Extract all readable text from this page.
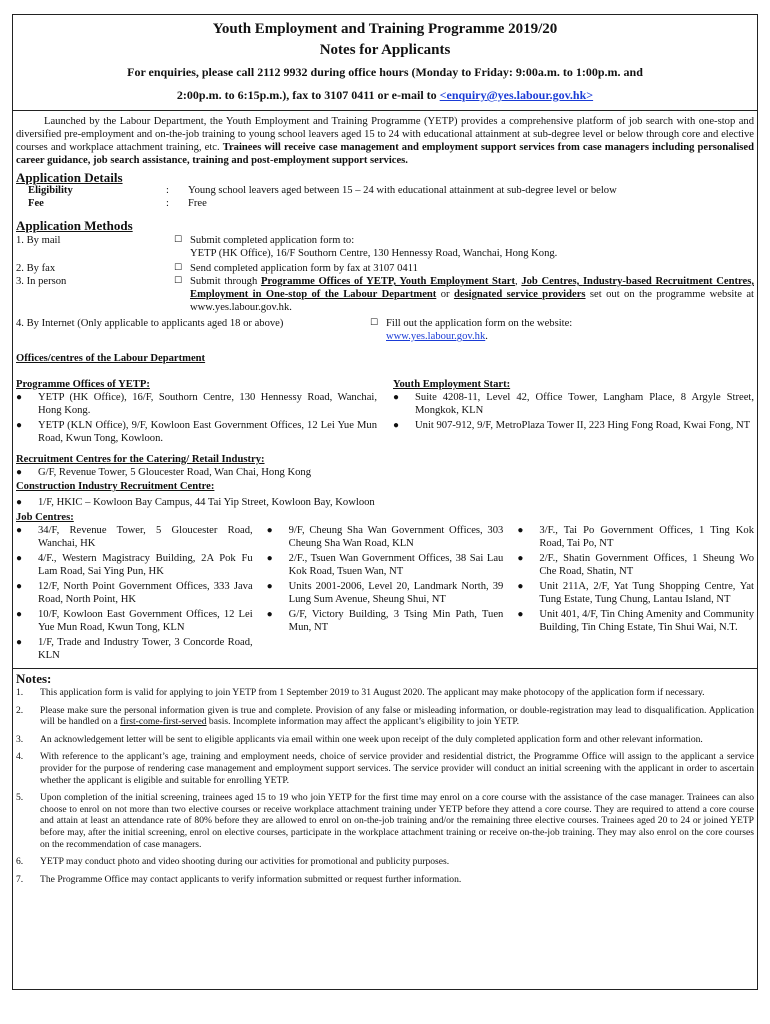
Youth Employment and Training Programme 2019/20
Notes for Applicants
For enquiries, please call 2112 9932 during office hours (Monday to Friday: 9:00a.m. to 1:00p.m. and
2:00p.m. to 6:15p.m.), fax to 3107 0411 or e-mail to <enquiry@yes.labour.gov.hk>

Launched by the Labour Department, the Youth Employment and Training Programme (YETP) provides a comprehensive platform of job search with one-stop and diversified pre-employment and on-the-job training to young school leavers aged 15 to 24 with educational attainment at sub-degree level or below through core and elective courses and workplace attachment training, etc. Trainees will receive case management and employment support services from case managers including personalised career guidance, job search assistance, training and post-employment support services.

Application Details
Eligibility	:	Young school leavers aged between 15 – 24 with educational attainment at sub-degree level or below
Fee	:	Free
Application Methods
1. By mail	☐ Submit completed application form to:
YETP (HK Office), 16/F Southorn Centre, 130 Hennessy Road, Wanchai, Hong Kong.
2. By fax	☐ Send completed application form by fax at 3107 0411
3. In person	☐ Submit through Programme Offices of YETP, Youth Employment Start, Job Centres, Industry-based Recruitment Centres, Employment in One-stop of the Labour Department or designated service providers set out on the programme website at www.yes.labour.gov.hk.
4. By Internet (Only applicable to applicants aged 18 or above)	☐ Fill out the application form on the website:
www.yes.labour.gov.hk.
Offices/centres of the Labour Department
Programme Offices of YETP:
●	YETP (HK Office), 16/F, Southorn Centre, 130 Hennessy Road, Wanchai, Hong Kong.
●	YETP (KLN Office), 9/F, Kowloon East Government Offices, 12 Lei Yue Mun Road, Kwun Tong, Kowloon.
Youth Employment Start:
●	Suite 4208-11, Level 42, Office Tower, Langham Place, 8 Argyle Street, Mongkok, KLN
●	Unit 907-912, 9/F, MetroPlaza Tower II, 223 Hing Fong Road, Kwai Fong, NT
Recruitment Centres for the Catering/ Retail Industry:
●	G/F, Revenue Tower, 5 Gloucester Road, Wan Chai, Hong Kong
Construction Industry Recruitment Centre:
●	1/F, HKIC – Kowloon Bay Campus, 44 Tai Yip Street, Kowloon Bay, Kowloon
Job Centres:
●	34/F, Revenue Tower, 5 Gloucester Road, Wanchai, HK
●	4/F., Western Magistracy Building, 2A Pok Fu Lam Road, Sai Ying Pun, HK
●	12/F, North Point Government Offices, 333 Java Road, North Point, HK
●	10/F, Kowloon East Government Offices, 12 Lei Yue Mun Road, Kwun Tong, KLN
●	1/F, Trade and Industry Tower, 3 Concorde Road, KLN
●	9/F, Cheung Sha Wan Government Offices, 303 Cheung Sha Wan Road, KLN
●	2/F., Tsuen Wan Government Offices, 38 Sai Lau Kok Road, Tsuen Wan, NT
●	Units 2001-2006, Level 20, Landmark North, 39 Lung Sum Avenue, Sheung Shui, NT
●	G/F, Victory Building, 3 Tsing Min Path, Tuen Mun, NT
●	3/F., Tai Po Government Offices, 1 Ting Kok Road, Tai Po, NT
●	2/F., Shatin Government Offices, 1 Sheung Wo Che Road, Shatin, NT
●	Unit 211A, 2/F, Yat Tung Shopping Centre, Yat Tung Estate, Tung Chung, Lantau Island, NT
●	Unit 401, 4/F, Tin Ching Amenity and Community Building, Tin Ching Estate, Tin Shui Wai, N.T.
Notes:
1.	This application form is valid for applying to join YETP from 1 September 2019 to 31 August 2020. The applicant may make photocopy of the application form if necessary.
2.	Please make sure the personal information given is true and complete. Provision of any false or misleading information, or double-registration may lead to disqualification. Application will be handled on a first-come-first-served basis. Incomplete information may affect the applicant’s eligibility to join YETP.
3.	An acknowledgement letter will be sent to eligible applicants via email within one week upon receipt of the duly completed application form and other relevant information.
4.	With reference to the applicant’s age, training and employment needs, choice of service provider and residential district, the Programme Office will assign to the applicant a service provider for the purpose of rendering case management and employment support services. The service provider will conduct an initial screening with the applicant in order to ascertain whether the applicant is eligible and suitable for enrolling YETP.
5.	Upon completion of the initial screening, trainees aged 15 to 19 who join YETP for the first time may enrol on a core course with the assistance of the case manager. Trainees can also choose to enrol on not more than two elective courses or receive workplace attachment training under YETP before they attend a core course. They are required to attend a core course and attain at least an attendance rate of 80% before they are allowed to enrol on on-the-job training and/or the remaining three elective courses. Trainees aged 20 to 24 or joined YETP before may, after the initial screening, enrol on elective courses, participate in the workplace attachment training or receive on-the-job training. They may also enrol on the core courses on the recommendation of case managers.
6.	YETP may conduct photo and video shooting during our activities for promotional and publicity purposes.
7.	The Programme Office may contact applicants to verify information submitted or request further information.
